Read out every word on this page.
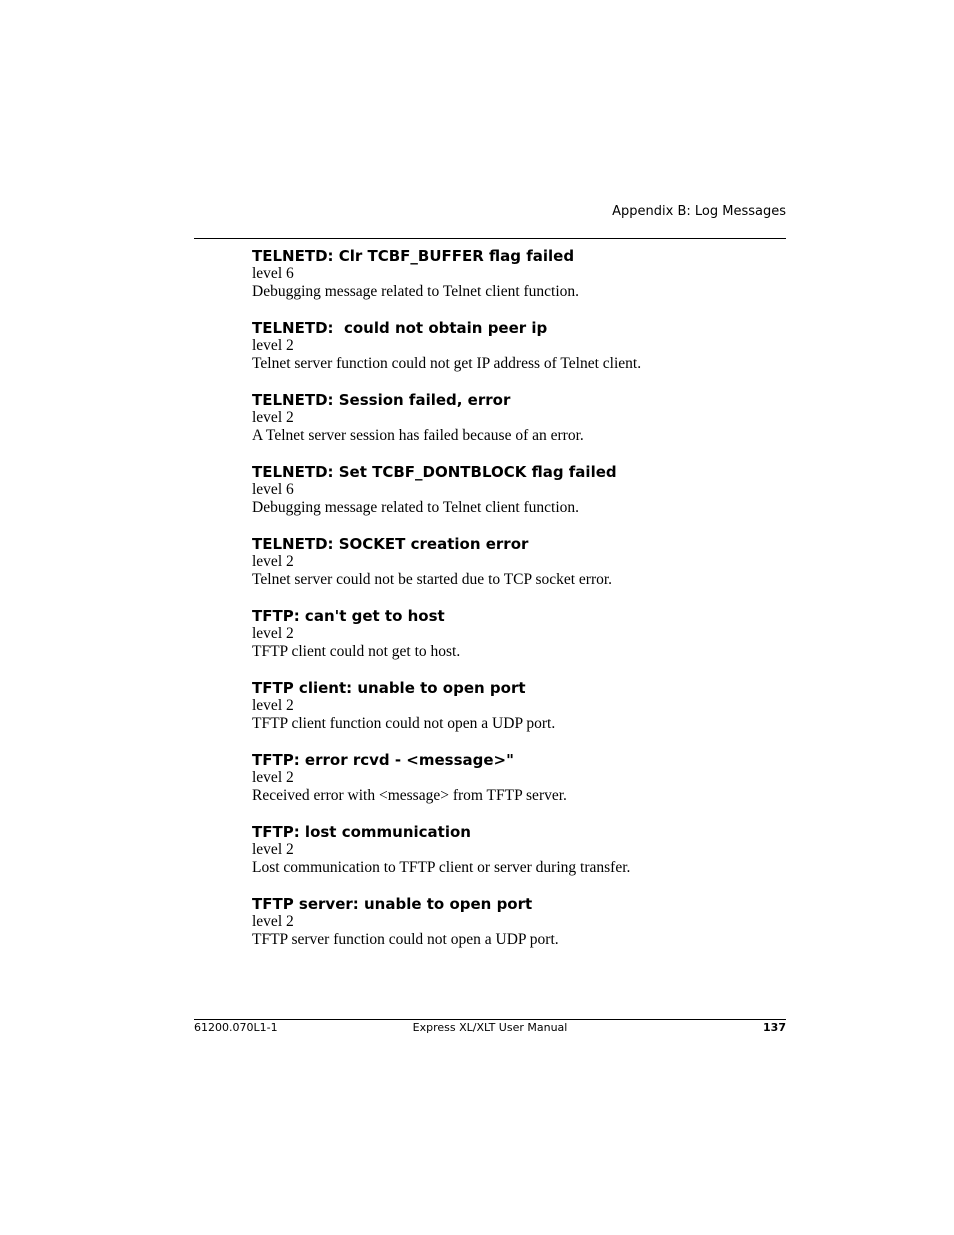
Appendix B: Log Messages
TELNETD: Clr TCBF_BUFFER flag failed
level 6
Debugging message related to Telnet client function.
TELNETD:  could not obtain peer ip
level 2
Telnet server function could not get IP address of Telnet client.
TELNETD: Session failed, error
level 2
A Telnet server session has failed because of an error.
TELNETD: Set TCBF_DONTBLOCK flag failed
level 6
Debugging message related to Telnet client function.
TELNETD: SOCKET creation error
level 2
Telnet server could not be started due to TCP socket error.
TFTP: can't get to host
level 2
TFTP client could not get to host.
TFTP client: unable to open port
level 2
TFTP client function could not open a UDP port.
TFTP: error rcvd - <message>"
level 2
Received error with <message> from TFTP server.
TFTP: lost communication
level 2
Lost communication to TFTP client or server during transfer.
TFTP server: unable to open port
level 2
TFTP server function could not open a UDP port.
61200.070L1-1	Express XL/XLT User Manual	137
